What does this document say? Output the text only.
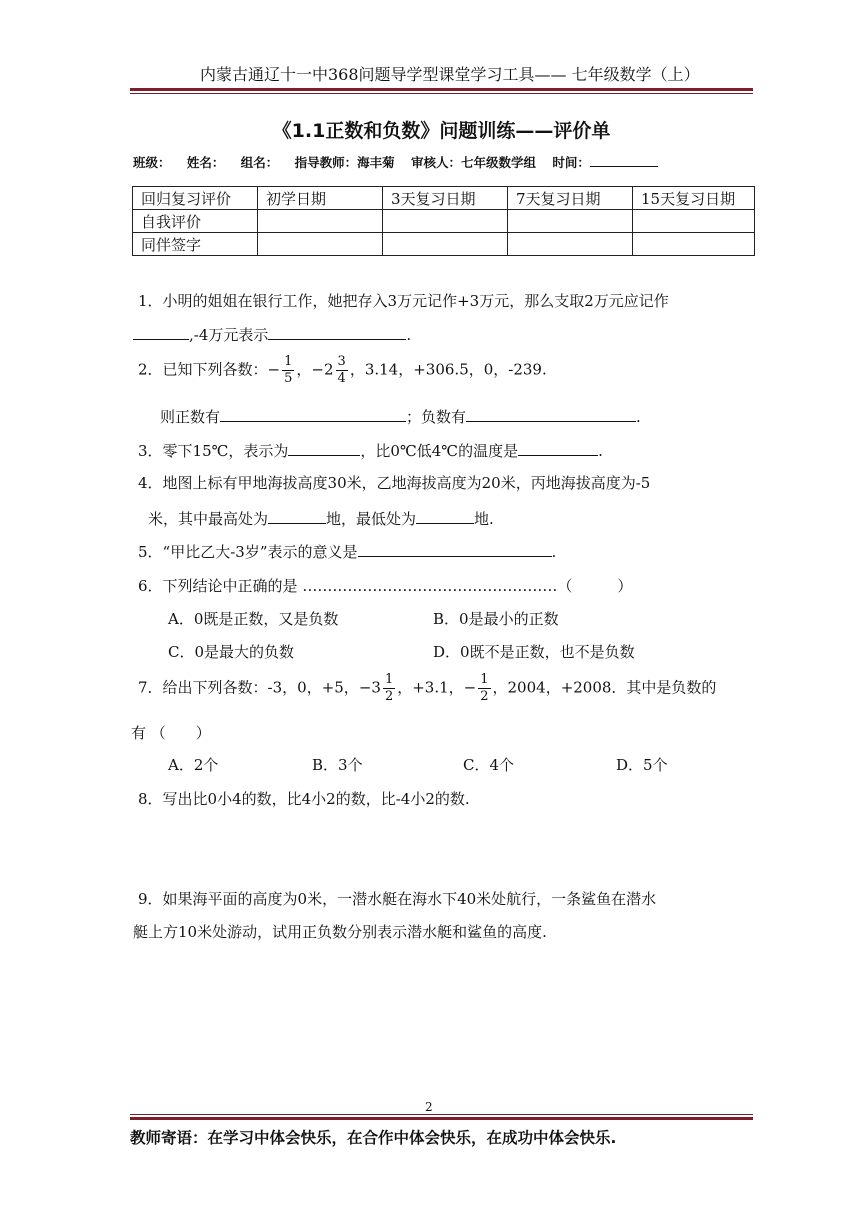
内蒙古通辽十一中368问题导学型课堂学习工具—— 七年级数学（上）
《1.1正数和负数》问题训练——评价单
班级： 姓名： 组名： 指导教师：海丰菊 审核人：七年级数学组 时间：
回归复习评价	初学日期	3天复习日期	7天复习日期	15天复习日期
自我评价				
同伴签字				
1．小明的姐姐在银行工作，她把存入3万元记作+3万元，那么支取2万元应记作
,-4万元表示	.
2．已知下列各数：− $\frac{1}{5}$ ，$-2 \frac{3}{4}$ ，3.14，+306.5，0，-239.
则正数有	；负数有	.
3．零下15℃，表示为	，比0℃低4℃的温度是	.
4．地图上标有甲地海拔高度30米，乙地海拔高度为20米，丙地海拔高度为-5
米，其中最高处为	地，最低处为	地.
5．“甲比乙大-3岁”表示的意义是	.
6．下列结论中正确的是 ……………………………………………（　　　）
A．0既是正数，又是负数	B．0是最小的正数
C．0是最大的负数	D．0既不是正数，也不是负数
7．给出下列各数：-3，0，+5，$-3 \frac{1}{2}$ ，+3.1，− $\frac{1}{2}$ ，2004，+2008．其中是负数的
有 （　　）
A．2个	B．3个	C．4个	D．5个
8．写出比0小4的数，比4小2的数，比-4小2的数.
9．如果海平面的高度为0米，一潜水艇在海水下40米处航行，一条鲨鱼在潜水
艇上方10米处游动，试用正负数分别表示潜水艇和鲨鱼的高度.
2
教师寄语：在学习中体会快乐，在合作中体会快乐，在成功中体会快乐.
